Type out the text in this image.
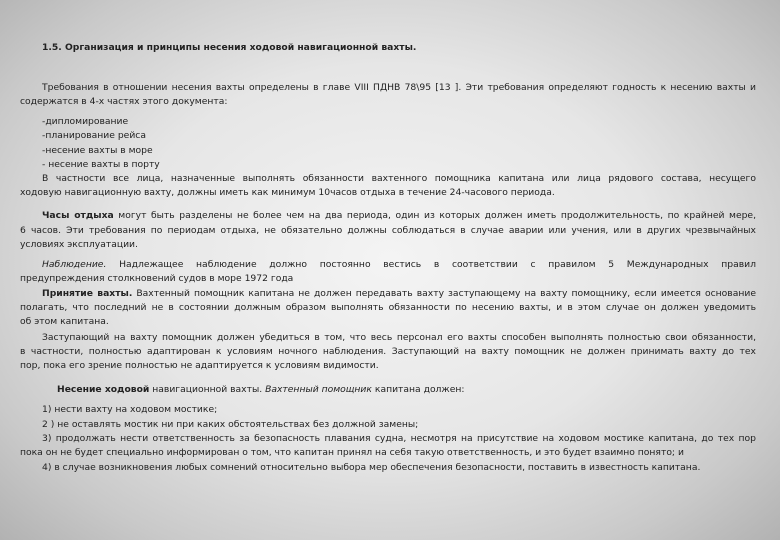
1.5. Организация и принципы несения ходовой навигационной вахты.
Требования в отношении несения вахты определены в главе VIII ПДНВ 78\95 [13 ]. Эти требования определяют годность к несению вахты и
содержатся в 4-х частях этого документа:
-дипломирование
-планирование рейса
-несение вахты в море
- несение вахты в порту
В частности все лица, назначенные выполнять обязанности вахтенного помощника капитана или лица рядового состава, несущего
ходовую навигационную вахту, должны иметь как минимум 10часов отдыха в течение 24-часового периода.
Часы отдыха могут быть разделены не более чем на два периода, один из которых должен иметь продолжительность, по крайней мере,
6 часов. Эти требования по периодам отдыха, не обязательно должны соблюдаться в случае аварии или учения, или в других чрезвычайных
условиях эксплуатации.
Наблюдение. Надлежащее наблюдение должно постоянно вестись в соответствии с правилом 5 Международных правил
предупреждения столкновений судов в море 1972 года
Принятие вахты. Вахтенный помощник капитана не должен передавать вахту заступающему на вахту помощнику, если имеется основание
полагать, что последний не в состоянии должным образом выполнять обязанности по несению вахты, и в этом случае он должен уведомить
об этом капитана.
Заступающий на вахту помощник должен убедиться в том, что весь персонал его вахты способен выполнять полностью свои обязанности,
в частности, полностью адаптирован к условиям ночного наблюдения. Заступающий на вахту помощник не должен принимать вахту до тех
пор, пока его зрение полностью не адаптируется к условиям видимости.
Несение ходовой навигационной вахты. Вахтенный помощник капитана должен:
1) нести вахту на ходовом мостике;
2 ) не оставлять мостик ни при каких обстоятельствах без должной замены;
3) продолжать нести ответственность за безопасность плавания судна, несмотря на присутствие на ходовом мостике капитана, до тех пор
пока он не будет специально информирован о том, что капитан принял на себя такую ответственность, и это будет взаимно понято; и
4) в случае возникновения любых сомнений относительно выбора мер обеспечения безопасности, поставить в известность капитана.
